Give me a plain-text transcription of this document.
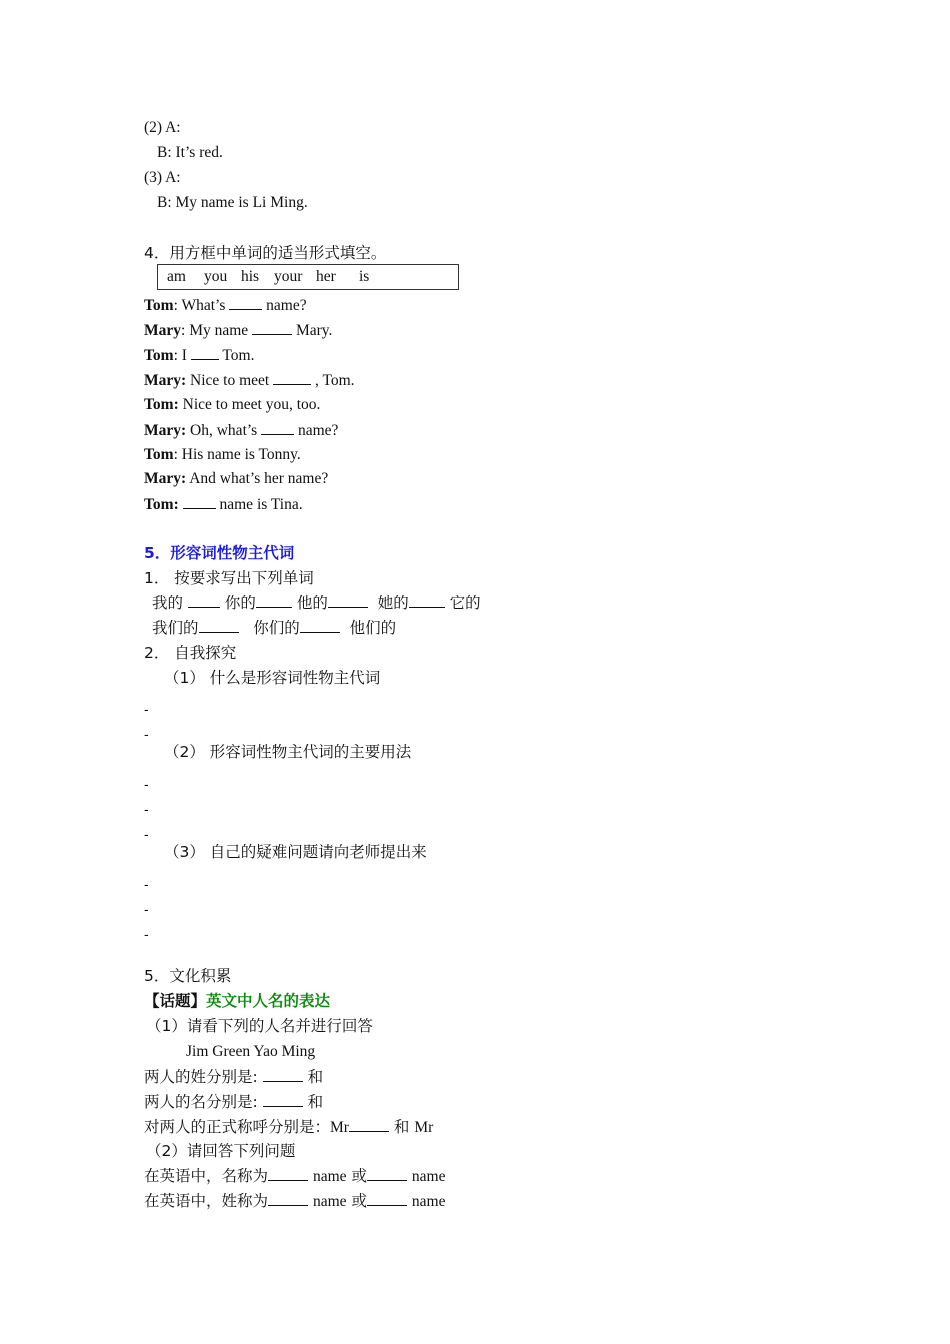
(2) A:
B: It’s red.
(3) A:
B: My name is Li Ming.
4．用方框中单词的适当形式填空。
am you his your her is
Tom: What’s  name?
Mary: My name	Mary.
Tom: I  Tom.
Mary: Nice to meet  , Tom.
Tom: Nice to meet you, too.
Mary: Oh, what’s  name?
Tom: His name is Tonny.
Mary: And what’s her name?
Tom:  name is Tina.
5．形容词性物主代词
1． 按要求写出下列单词
我的	你的	他的	她的	它的
我们的	你们的	他们的
2． 自我探究
（1） 什么是形容词性物主代词
-
-
（2） 形容词性物主代词的主要用法
-
-
-
（3） 自己的疑难问题请向老师提出来
-
-
-
5．文化积累
【话题】英文中人名的表达
（1）请看下列的人名并进行回答
Jim Green Yao Ming
两人的姓分别是:	和
两人的名分别是:	和
对两人的正式称呼分别是：Mr	和 Mr
（2）请回答下列问题
在英语中，名称为	name 或	name
在英语中，姓称为	name 或	name
